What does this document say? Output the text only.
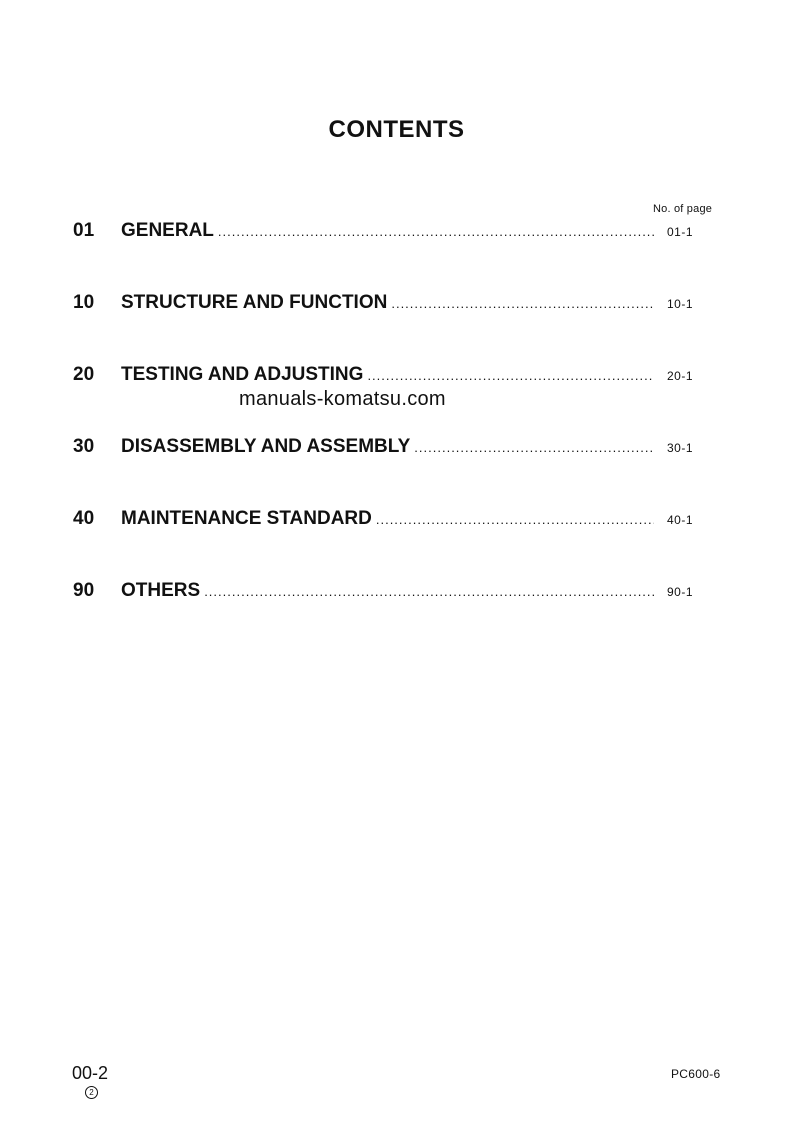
CONTENTS
No. of page
01 GENERAL .....	01-1
10 STRUCTURE AND FUNCTION .....	10-1
20 TESTING AND ADJUSTING .....	20-1
manuals-komatsu.com
30 DISASSEMBLY AND ASSEMBLY .....	30-1
40 MAINTENANCE STANDARD .....	40-1
90 OTHERS .....	90-1
00-2
2
PC600-6
